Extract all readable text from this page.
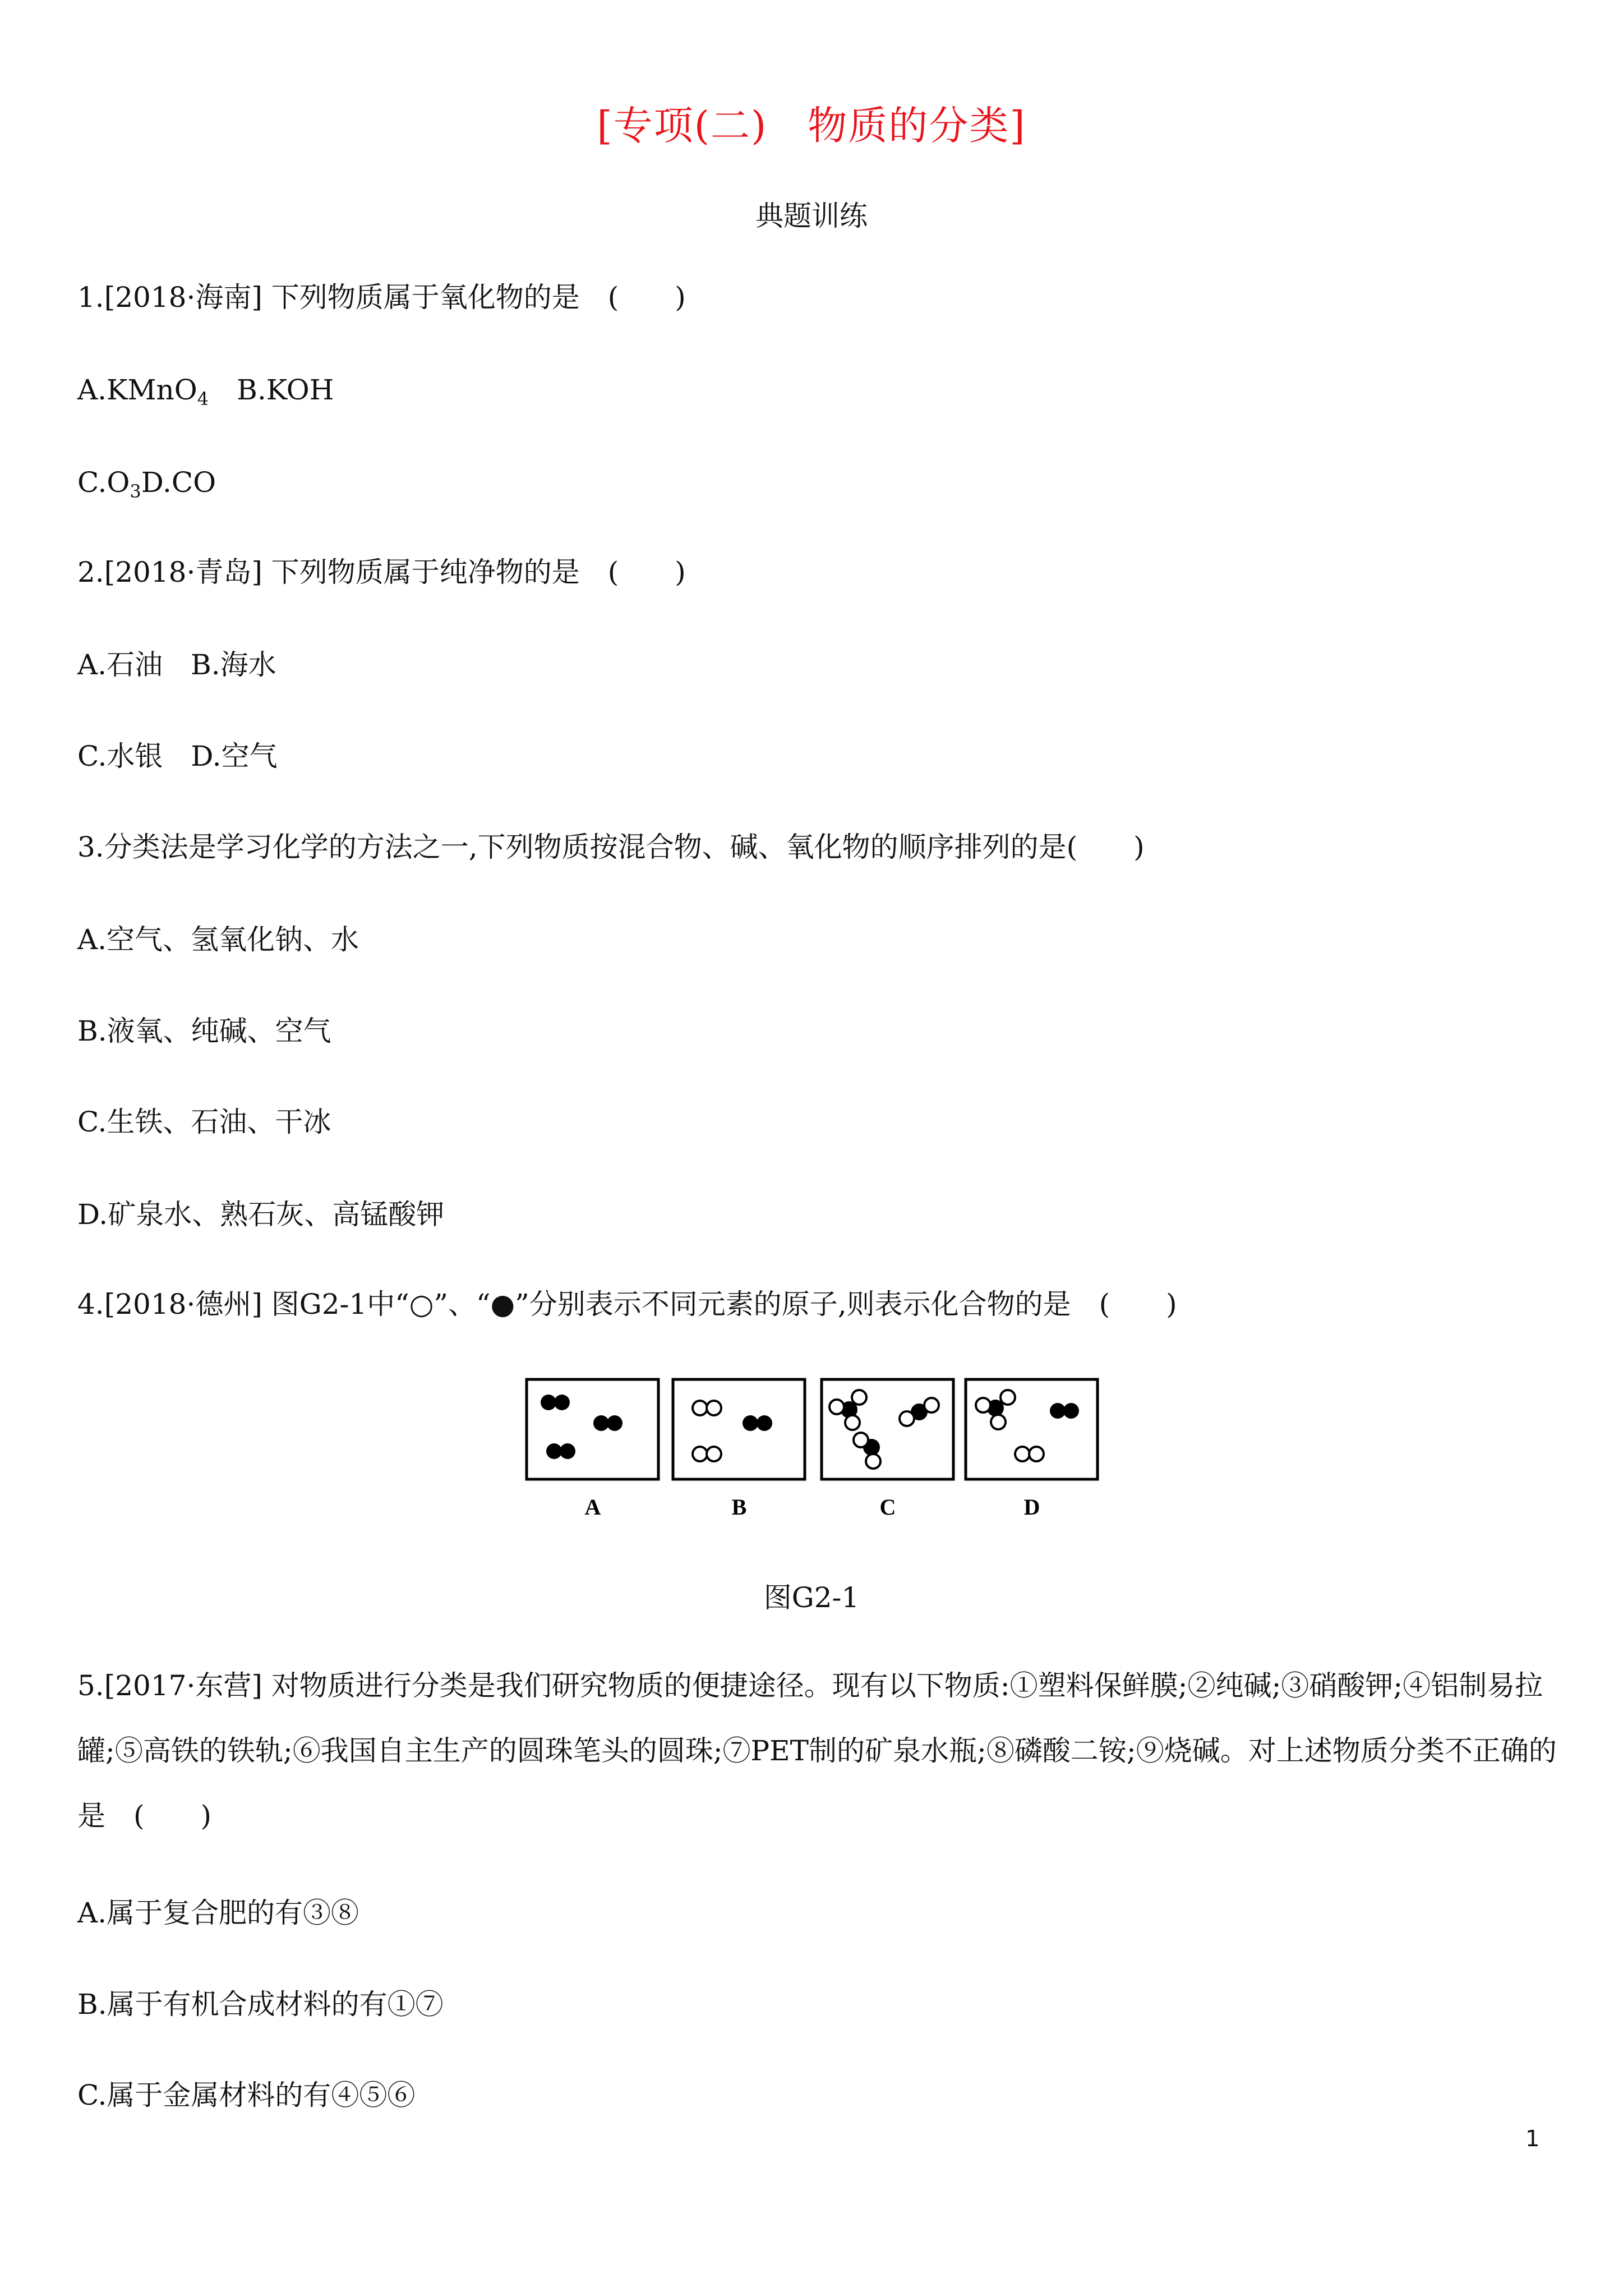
[专项(二)　物质的分类]
典题训练
1.[2018·海南] 下列物质属于氧化物的是　(　　)
A.KMnO$_4$　B.KOH
$C.O_3D.CO$
2.[2018·青岛] 下列物质属于纯净物的是　(　　)
A.石油　B.海水
C.水银　D.空气
3.分类法是学习化学的方法之一,下列物质按混合物、碱、氧化物的顺序排列的是(　　)
A.空气、氢氧化钠、水
B.液氧、纯碱、空气
C.生铁、石油、干冰
D.矿泉水、熟石灰、高锰酸钾
4.[2018·德州] 图G2-1中“○”、“●”分别表示不同元素的原子,则表示化合物的是　(　　)
A	B	C	D
图G2-1
5.[2017·东营] 对物质进行分类是我们研究物质的便捷途径。现有以下物质:①塑料保鲜膜;②纯碱;③硝酸钾;④铝制易拉罐;⑤高铁的铁轨;⑥我国自主生产的圆珠笔头的圆珠;⑦PET制的矿泉水瓶;⑧磷酸二铵;⑨烧碱。对上述物质分类不正确的是　(　　)
A.属于复合肥的有③⑧
B.属于有机合成材料的有①⑦
C.属于金属材料的有④⑤⑥
1
